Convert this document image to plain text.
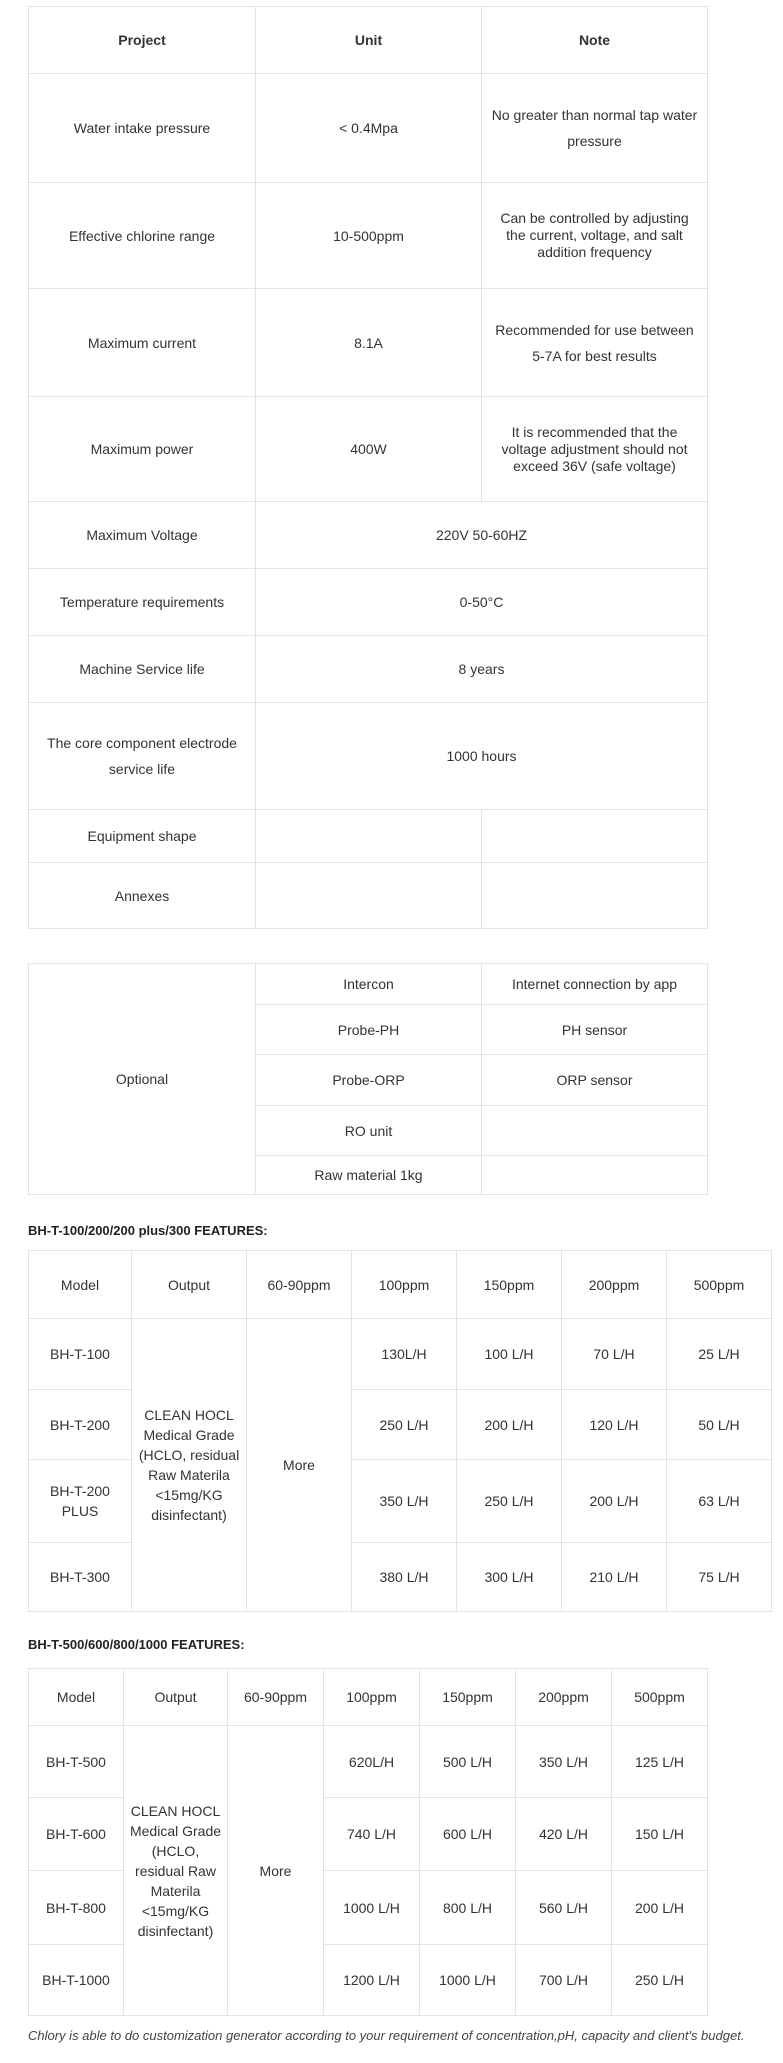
Project	Unit	Note
Water intake pressure	< 0.4Mpa	No greater than normal tap water pressure
Effective chlorine range	10-500ppm	Can be controlled by adjusting the current, voltage, and salt addition frequency
Maximum current	8.1A	Recommended for use between 5-7A for best results
Maximum power	400W	It is recommended that the voltage adjustment should not exceed 36V (safe voltage)
Maximum Voltage	220V 50-60HZ	
Temperature requirements	0-50°C	
Machine Service life	8 years	
The core component electrode service life	1000 hours	
Equipment shape		
Annexes		
Optional	Intercon	Internet connection by app
	Probe-PH	PH sensor
	Probe-ORP	ORP sensor
	RO unit	
	Raw material 1kg	
BH-T-100/200/200 plus/300 FEATURES:
Model	Output	60-90ppm	100ppm	150ppm	200ppm	500ppm
BH-T-100	CLEAN HOCL Medical Grade (HCLO, residual Raw Materila <15mg/KG disinfectant)	More	130L/H	100 L/H	70 L/H	25 L/H
BH-T-200			250 L/H	200 L/H	120 L/H	50 L/H
BH-T-200 PLUS			350 L/H	250 L/H	200 L/H	63 L/H
BH-T-300			380 L/H	300 L/H	210 L/H	75 L/H
BH-T-500/600/800/1000 FEATURES:
Model	Output	60-90ppm	100ppm	150ppm	200ppm	500ppm
BH-T-500	CLEAN HOCL Medical Grade (HCLO, residual Raw Materila <15mg/KG disinfectant)	More	620L/H	500 L/H	350 L/H	125 L/H
BH-T-600			740 L/H	600 L/H	420 L/H	150 L/H
BH-T-800			1000 L/H	800 L/H	560 L/H	200 L/H
BH-T-1000			1200 L/H	1000 L/H	700 L/H	250 L/H

Chlory is able to do customization generator according to your requirement of concentration,pH, capacity and client's budget.
